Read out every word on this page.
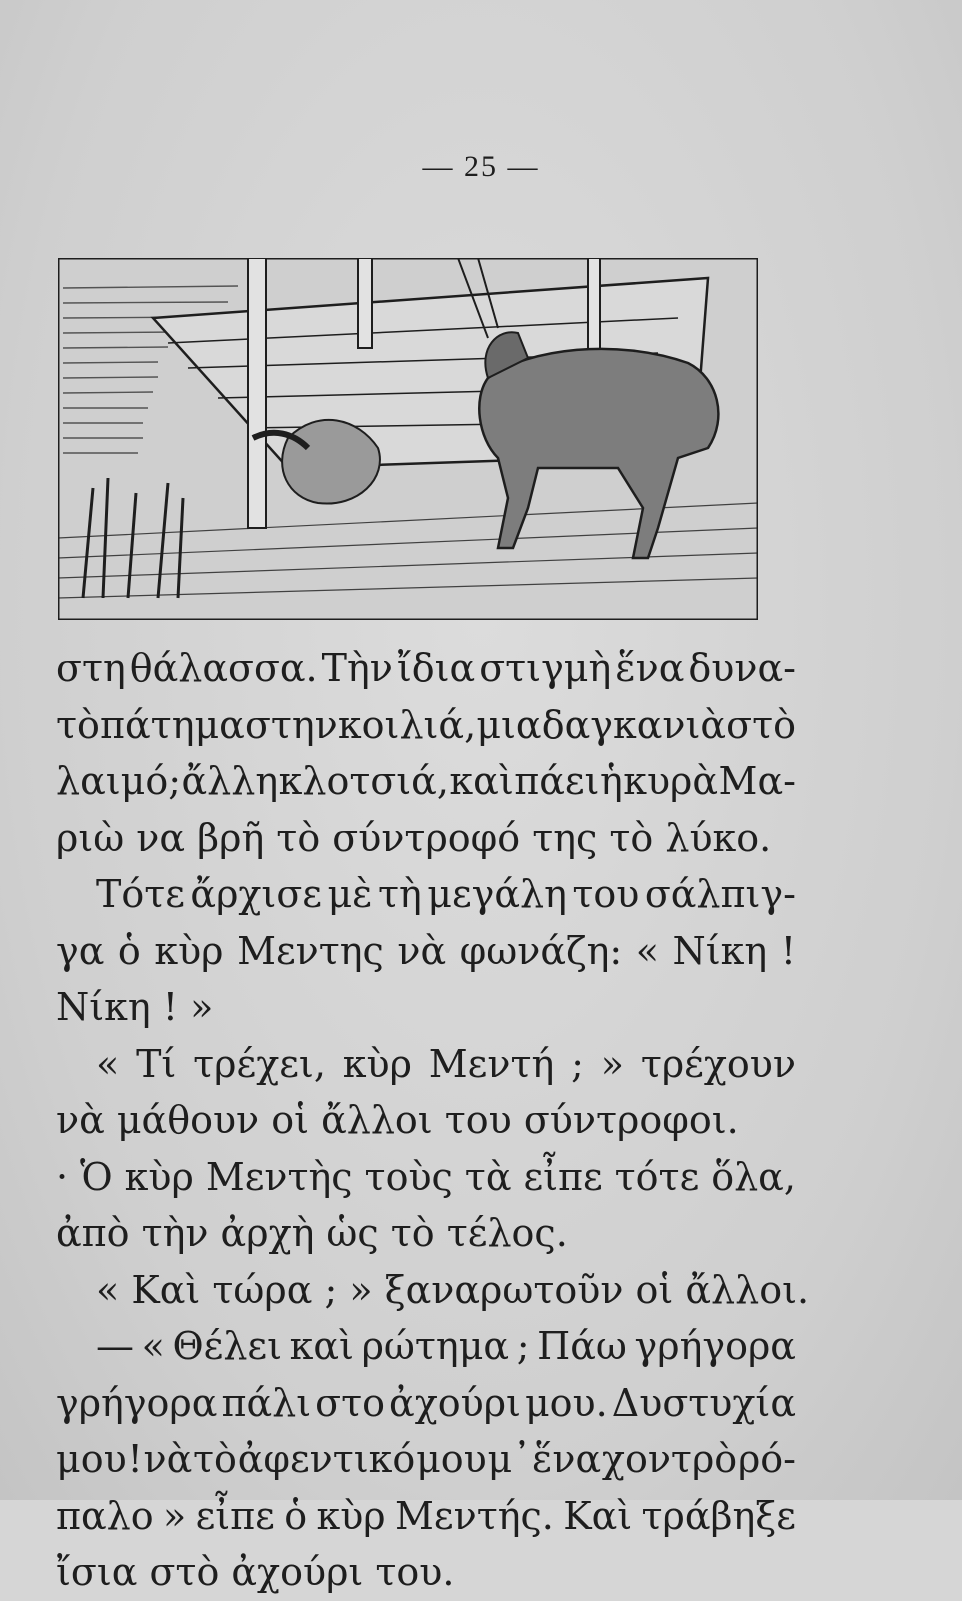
— 25 —
στη θάλασσα. Τὴν ἴδια στιγμὴ ἕνα δυνα-
τὸ πάτημα στην κοιλιά, μια δαγκανιὰ στὸ
λαιμό; ἄλλη κλοτσιά, καὶ πάει ἡ κυρὰ Μα-
ριὼ να βρῆ τὸ σύντροφό της τὸ λύκο.
Τότε ἄρχισε μὲ τὴ μεγάλη του σάλπιγ-
γα ὁ κὺρ Μεντης νὰ φωνάζη: « Νίκη !
Νίκη ! »
« Τί τρέχει, κὺρ Μεντή ; » τρέχουν
νὰ μάθουν οἱ ἄλλοι του σύντροφοι.
· Ὁ κὺρ Μεντὴς τοὺς τὰ εἶπε τότε ὅλα,
ἀπὸ τὴν ἀρχὴ ὡς τὸ τέλος.
« Καὶ τώρα ; » ξαναρωτοῦν οἱ ἄλλοι.
— « Θέλει καὶ ρώτημα ; Πάω γρήγορα
γρήγορα πάλι στο ἀχούρι μου. Δυστυχία
μου ! νὰ τὸ ἀφεντικό μου μ᾿ ἕνα χοντρὸ ρό-
παλο » εἶπε ὁ κὺρ Μεντής. Καὶ τράβηξε
ἴσια στὸ ἀχούρι του.
